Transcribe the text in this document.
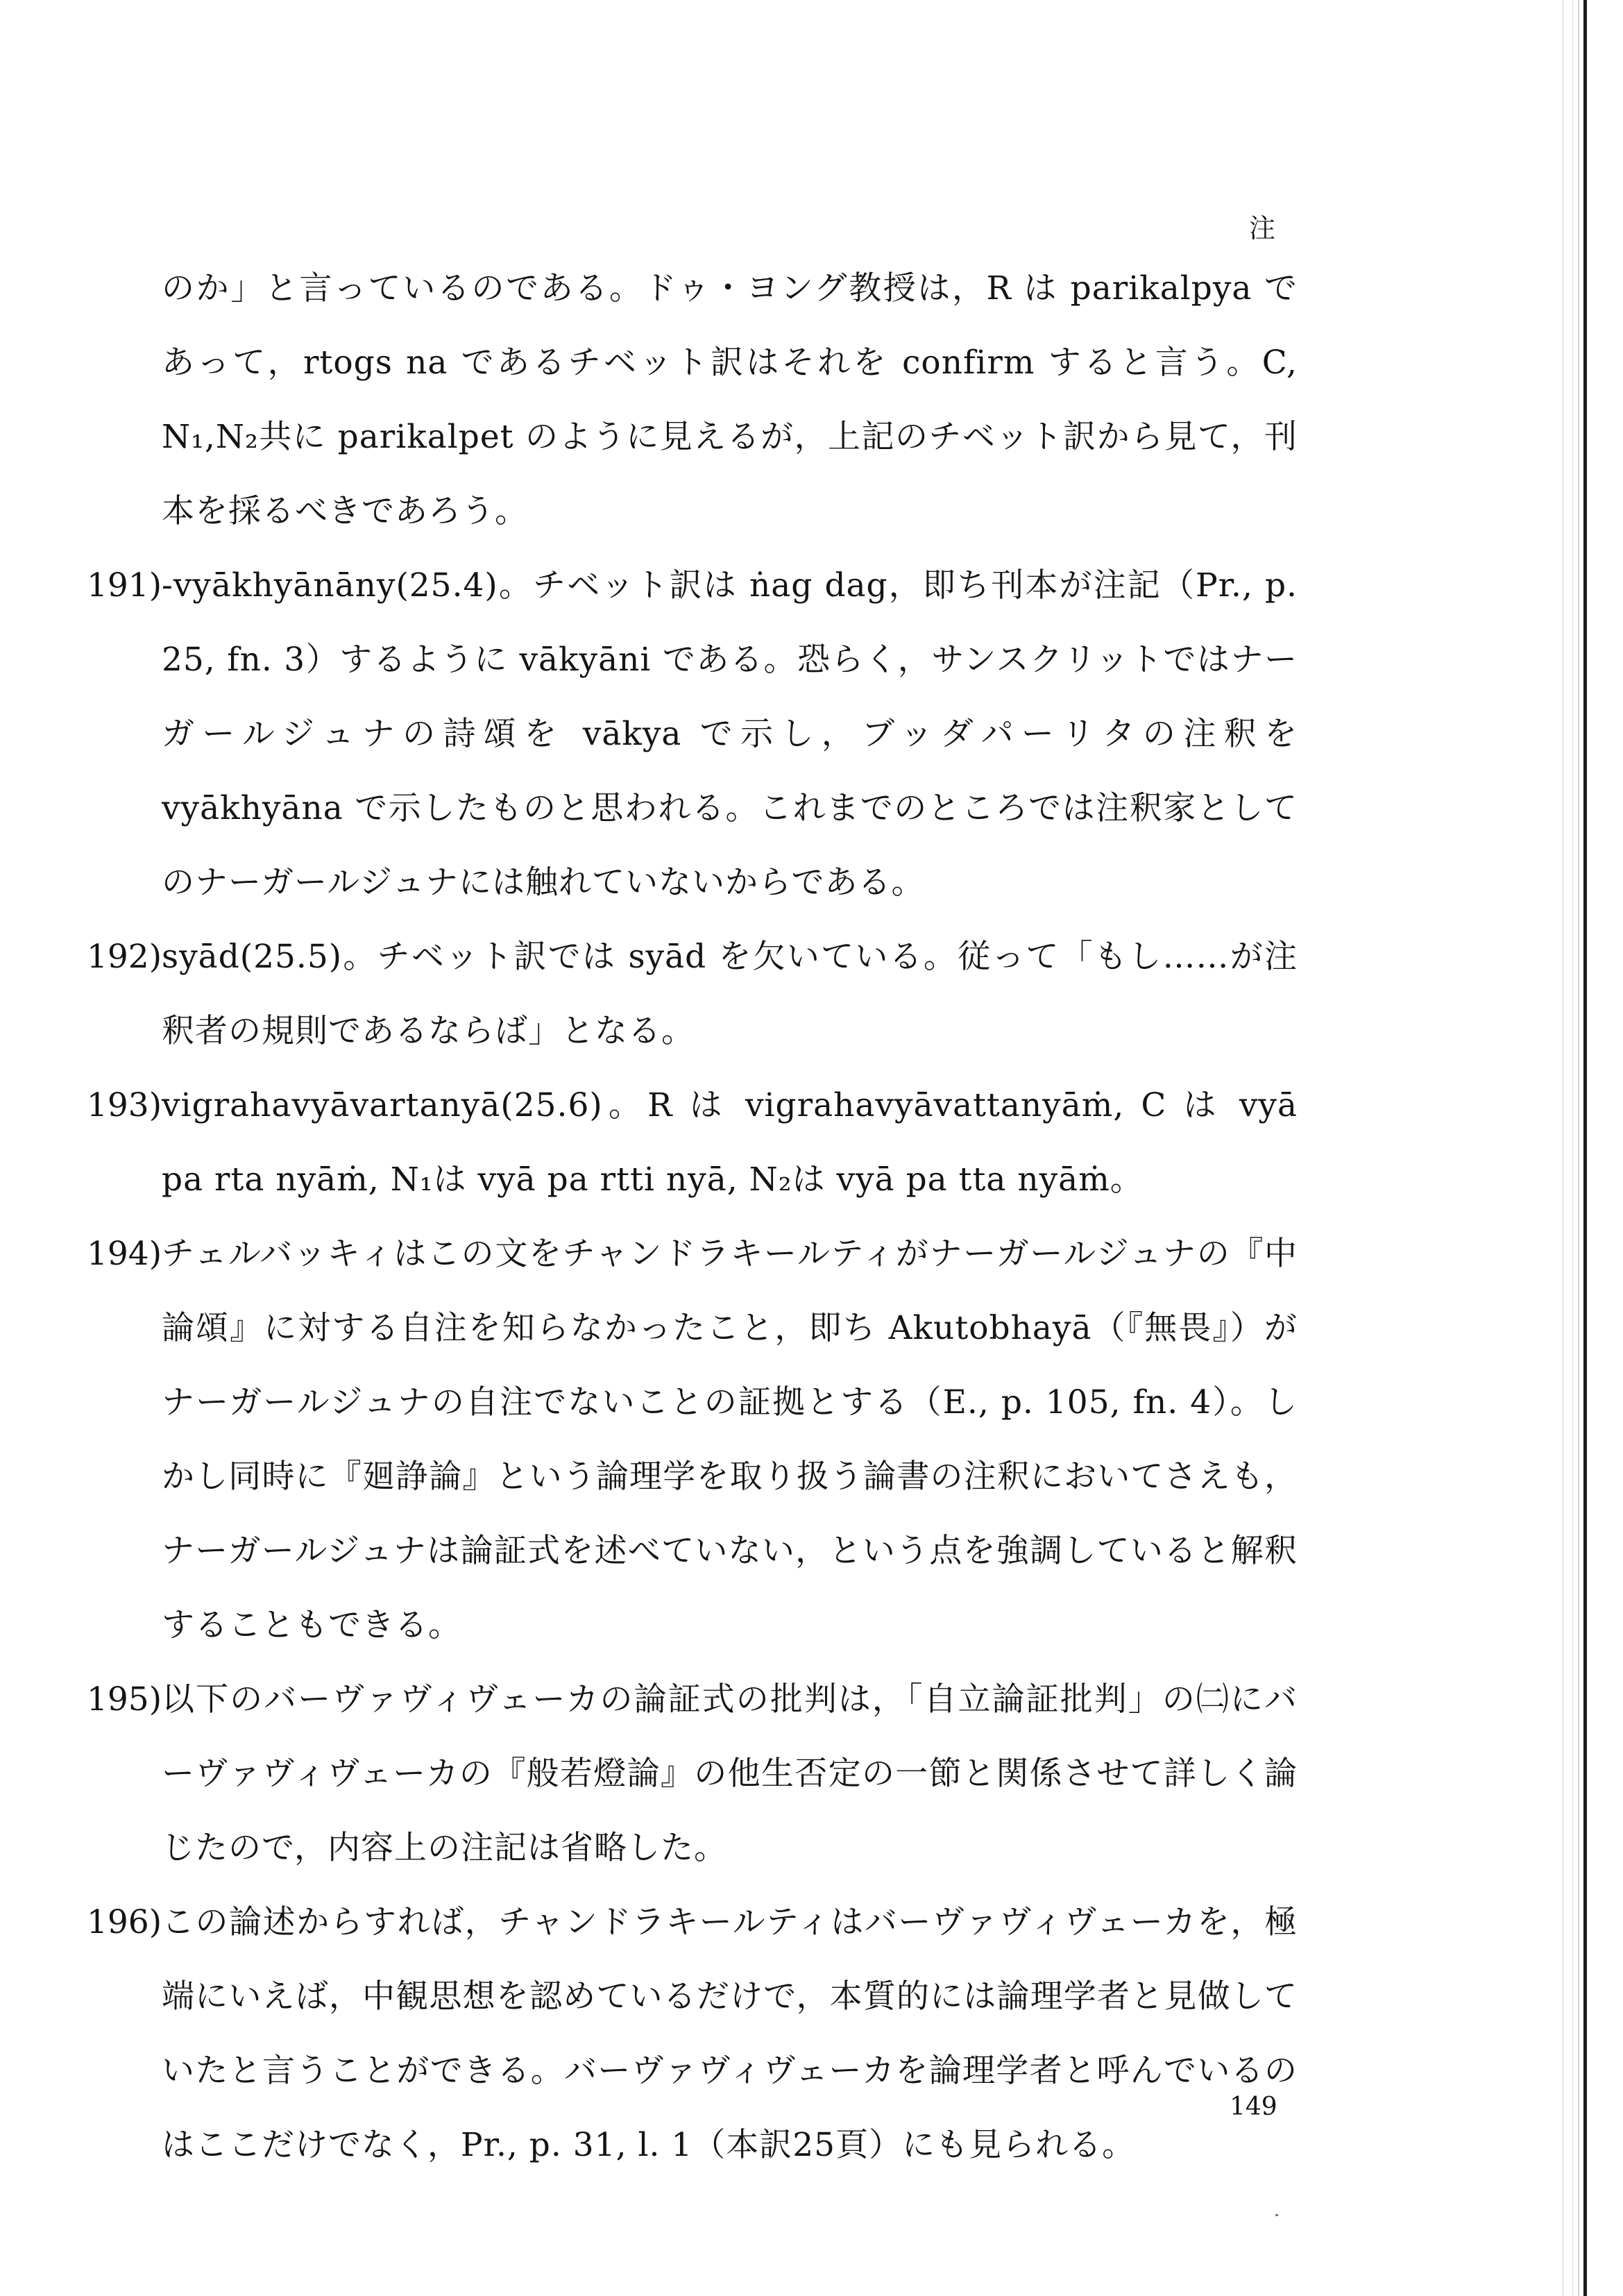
注

のか」と言っているのである。ドゥ・ヨング教授は，R は parikalpya であって，rtogs na であるチベット訳はそれを confirm すると言う。C, N₁,N₂共に parikalpet のように見えるが，上記のチベット訳から見て，刊本を採るべきであろう。

191) -vyākhyānāny(25.4)。チベット訳は ṅag dag，即ち刊本が注記（Pr., p. 25, fn. 3）するように vākyāni である。恐らく，サンスクリットではナーガールジュナの詩頌を vākya で示し，ブッダパーリタの注釈を vyākhyāna で示したものと思われる。これまでのところでは注釈家としてのナーガールジュナには触れていないからである。

192) syād(25.5)。チベット訳では syād を欠いている。従って「もし……が注釈者の規則であるならば」となる。

193) vigrahavyāvartanyā(25.6)。R は vigrahavyāvattanyāṁ, C は vyā pa rta nyāṁ, N₁は vyā pa rtti nyā, N₂は vyā pa tta nyāṁ。

194) チェルバッキィはこの文をチャンドラキールティがナーガールジュナの『中論頌』に対する自注を知らなかったこと，即ち Akutobhayā（『無畏』）がナーガールジュナの自注でないことの証拠とする（E., p. 105, fn. 4）。しかし同時に『廻諍論』という論理学を取り扱う論書の注釈においてさえも，ナーガールジュナは論証式を述べていない，という点を強調していると解釈することもできる。

195) 以下のバーヴァヴィヴェーカの論証式の批判は，「自立論証批判」の㈡にバーヴァヴィヴェーカの『般若燈論』の他生否定の一節と関係させて詳しく論じたので，内容上の注記は省略した。

196) この論述からすれば，チャンドラキールティはバーヴァヴィヴェーカを，極端にいえば，中観思想を認めているだけで，本質的には論理学者と見做していたと言うことができる。バーヴァヴィヴェーカを論理学者と呼んでいるのはここだけでなく，Pr., p. 31, l. 1（本訳25頁）にも見られる。

149
